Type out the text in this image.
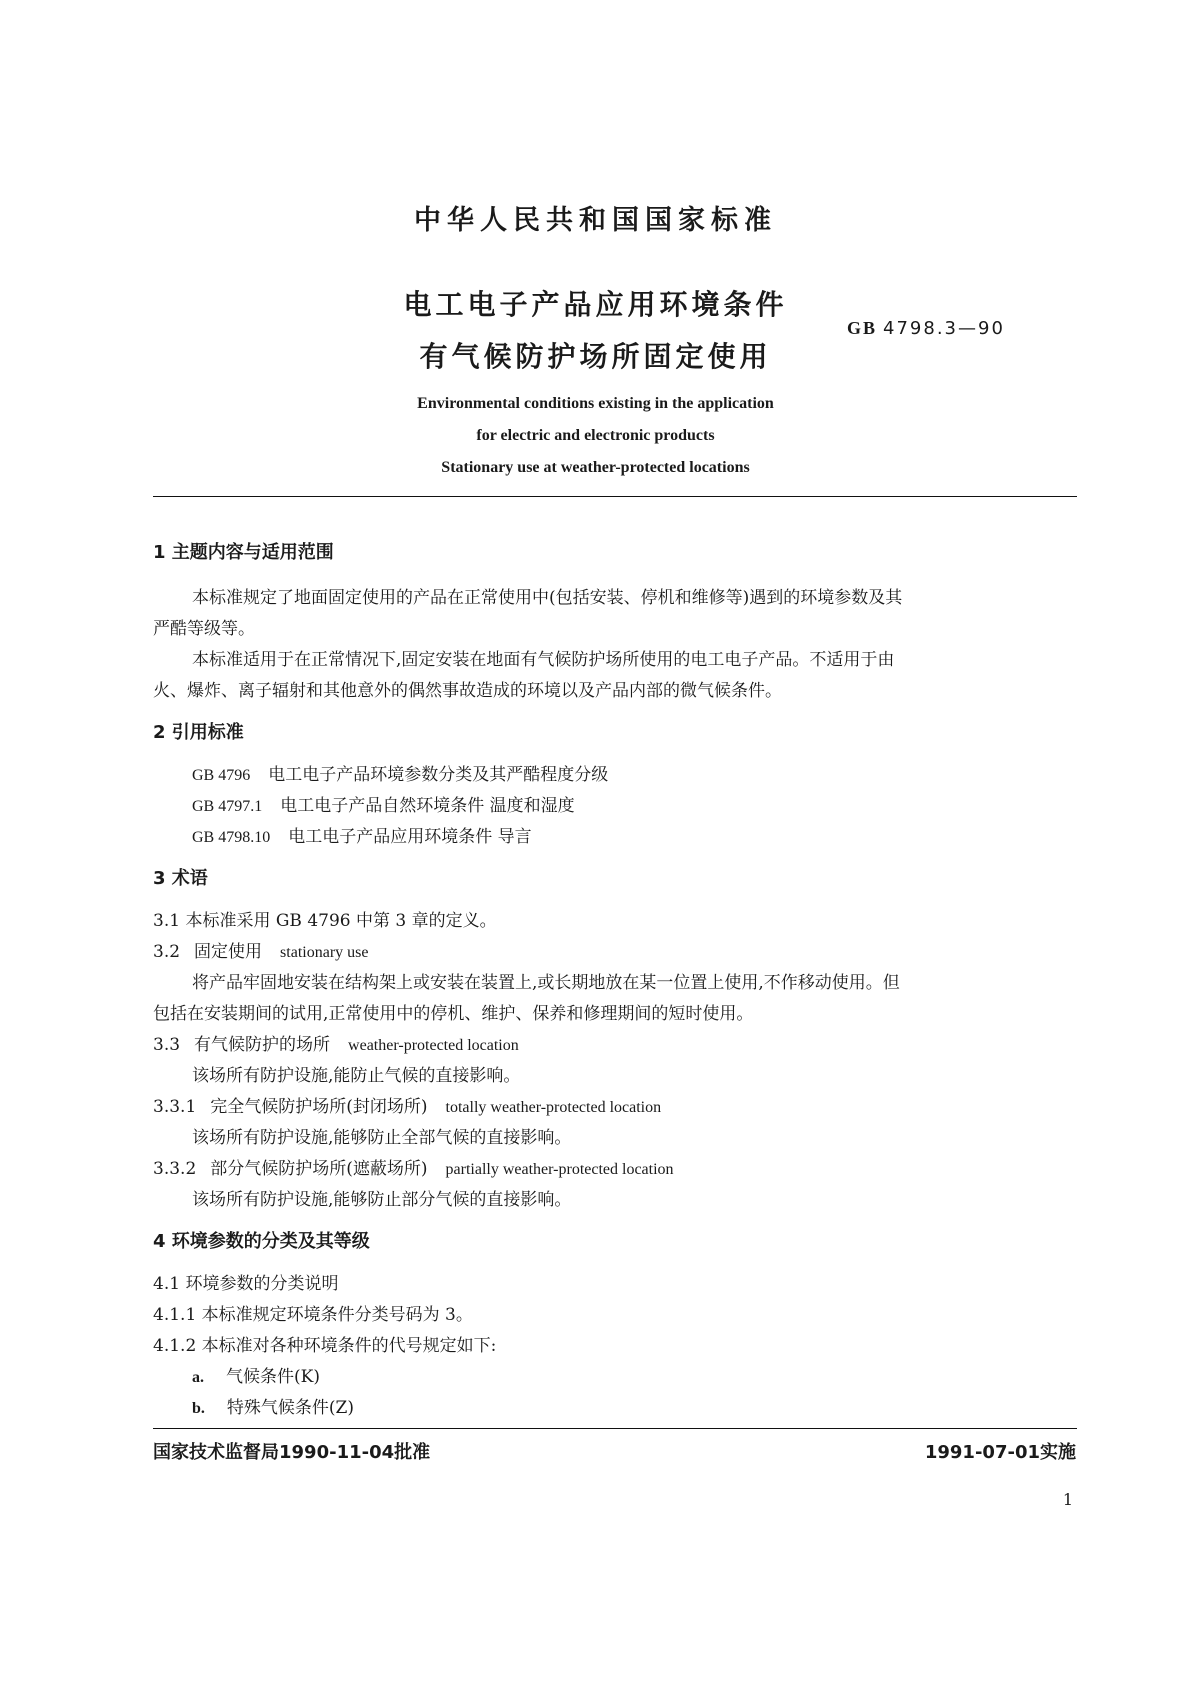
中华人民共和国国家标准
电工电子产品应用环境条件
有气候防护场所固定使用
GB 4798.3—90
Environmental conditions existing in the application
for electric and electronic products
Stationary use at weather-protected locations
1 主题内容与适用范围
本标准规定了地面固定使用的产品在正常使用中(包括安装、停机和维修等)遇到的环境参数及其
严酷等级等。
本标准适用于在正常情况下,固定安装在地面有气候防护场所使用的电工电子产品。不适用于由
火、爆炸、离子辐射和其他意外的偶然事故造成的环境以及产品内部的微气候条件。
2 引用标准
GB 4796 电工电子产品环境参数分类及其严酷程度分级
GB 4797.1 电工电子产品自然环境条件 温度和湿度
GB 4798.10 电工电子产品应用环境条件 导言
3 术语
3.1 本标准采用 GB 4796 中第 3 章的定义。
3.2 固定使用 stationary use
将产品牢固地安装在结构架上或安装在装置上,或长期地放在某一位置上使用,不作移动使用。但
包括在安装期间的试用,正常使用中的停机、维护、保养和修理期间的短时使用。
3.3 有气候防护的场所 weather-protected location
该场所有防护设施,能防止气候的直接影响。
3.3.1 完全气候防护场所(封闭场所) totally weather-protected location
该场所有防护设施,能够防止全部气候的直接影响。
3.3.2 部分气候防护场所(遮蔽场所) partially weather-protected location
该场所有防护设施,能够防止部分气候的直接影响。
4 环境参数的分类及其等级
4.1 环境参数的分类说明
4.1.1 本标准规定环境条件分类号码为 3。
4.1.2 本标准对各种环境条件的代号规定如下:
a. 气候条件(K)
b. 特殊气候条件(Z)
国家技术监督局1990-11-04批准	1991-07-01实施
1
